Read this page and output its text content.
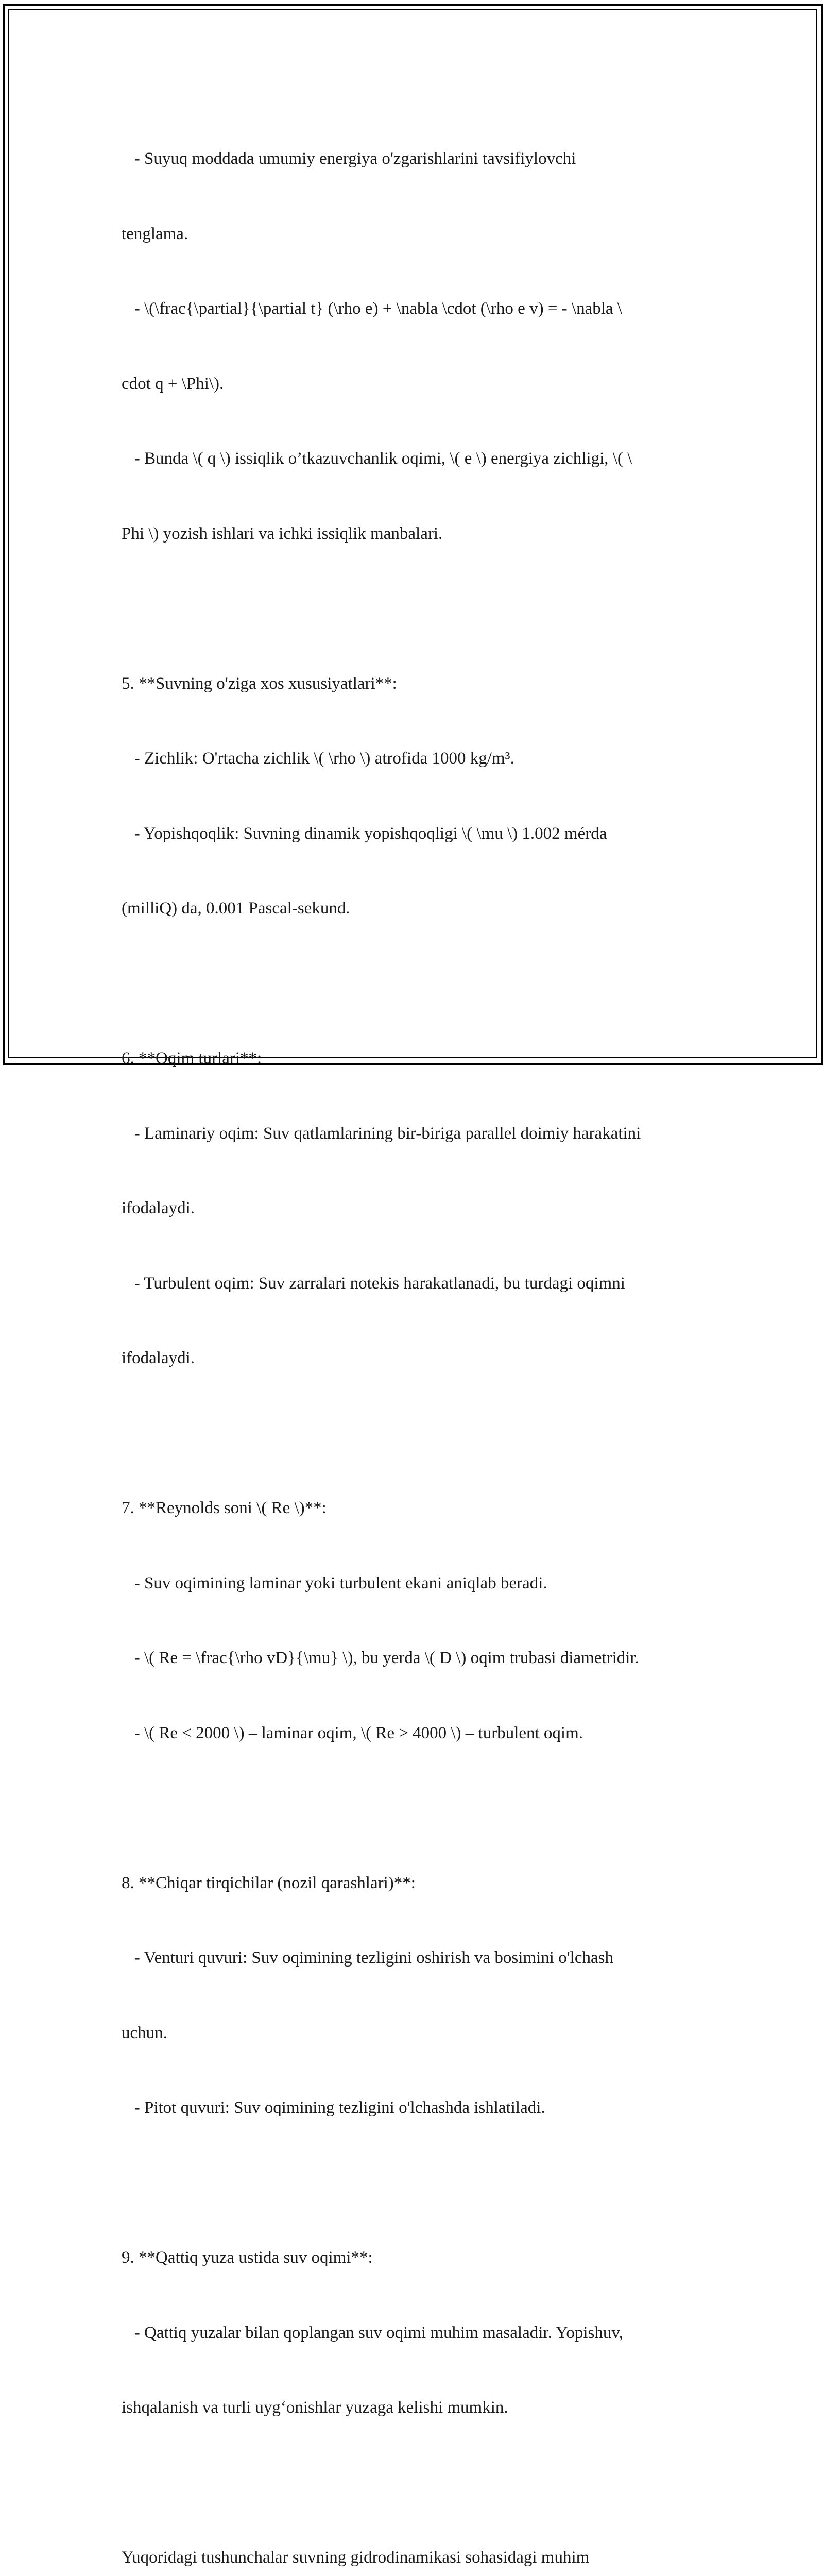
- Suyuq moddada umumiy energiya o'zgarishlarini tavsifiylovchi

tenglama.

- \(\frac{\partial}{\partial t} (\rho e) + \nabla \cdot (\rho e v) = - \nabla \

cdot q + \Phi\).

- Bunda \( q \) issiqlik o’tkazuvchanlik oqimi, \( e \) energiya zichligi, \( \

Phi \) yozish ishlari va ichki issiqlik manbalari.

5. **Suvning o'ziga xos xususiyatlari**:

- Zichlik: O'rtacha zichlik \( \rho \) atrofida 1000 kg/m³.

- Yopishqoqlik: Suvning dinamik yopishqoqligi \( \mu \) 1.002 mérda

(milliQ) da, 0.001 Pascal-sekund.

6. **Oqim turlari**:

- Laminariy oqim: Suv qatlamlarining bir-biriga parallel doimiy harakatini

ifodalaydi.

- Turbulent oqim: Suv zarralari notekis harakatlanadi, bu turdagi oqimni

ifodalaydi.

7. **Reynolds soni \( Re \)**:

- Suv oqimining laminar yoki turbulent ekani aniqlab beradi.

- \( Re = \frac{\rho vD}{\mu} \), bu yerda \( D \) oqim trubasi diametridir.

- \( Re < 2000 \) – laminar oqim, \( Re > 4000 \) – turbulent oqim.

8. **Chiqar tirqichilar (nozil qarashlari)**:

- Venturi quvuri: Suv oqimining tezligini oshirish va bosimini o'lchash

uchun.

- Pitot quvuri: Suv oqimining tezligini o'lchashda ishlatiladi.

9. **Qattiq yuza ustida suv oqimi**:

- Qattiq yuzalar bilan qoplangan suv oqimi muhim masaladir. Yopishuv,

ishqalanish va turli uyg‘onishlar yuzaga kelishi mumkin.

Yuqoridagi tushunchalar suvning gidrodinamikasi sohasidagi muhim
